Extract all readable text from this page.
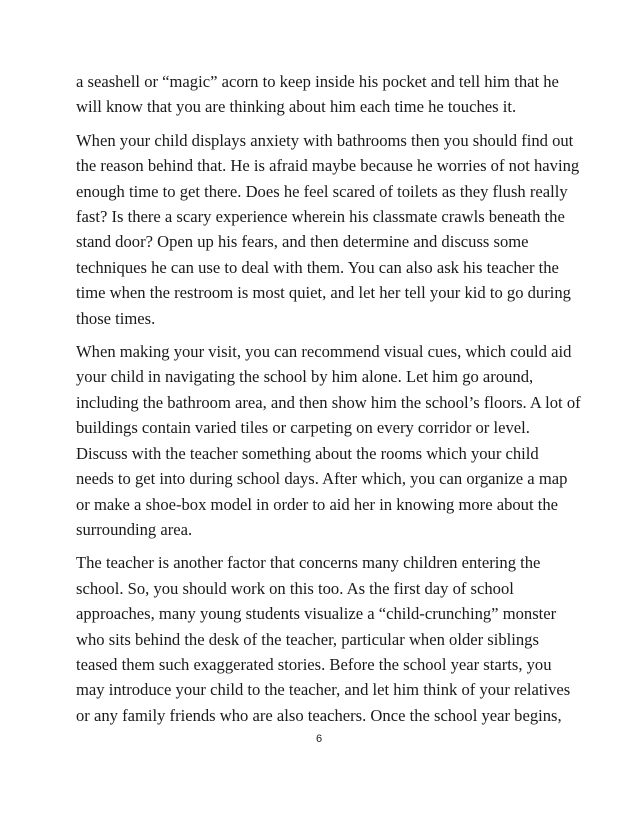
a seashell or “magic” acorn to keep inside his pocket and tell him that he
will know that you are thinking about him each time he touches it.

When your child displays anxiety with bathrooms then you should find out
the reason behind that. He is afraid maybe because he worries of not having
enough time to get there. Does he feel scared of toilets as they flush really
fast? Is there a scary experience wherein his classmate crawls beneath the
stand door? Open up his fears, and then determine and discuss some
techniques he can use to deal with them. You can also ask his teacher the
time when the restroom is most quiet, and let her tell your kid to go during
those times.

When making your visit, you can recommend visual cues, which could aid
your child in navigating the school by him alone. Let him go around,
including the bathroom area, and then show him the school’s floors. A lot of
buildings contain varied tiles or carpeting on every corridor or level.
Discuss with the teacher something about the rooms which your child
needs to get into during school days. After which, you can organize a map
or make a shoe-box model in order to aid her in knowing more about the
surrounding area.

The teacher is another factor that concerns many children entering the
school. So, you should work on this too. As the first day of school
approaches, many young students visualize a “child-crunching” monster
who sits behind the desk of the teacher, particular when older siblings
teased them such exaggerated stories. Before the school year starts, you
may introduce your child to the teacher, and let him think of your relatives
or any family friends who are also teachers. Once the school year begins,

6
